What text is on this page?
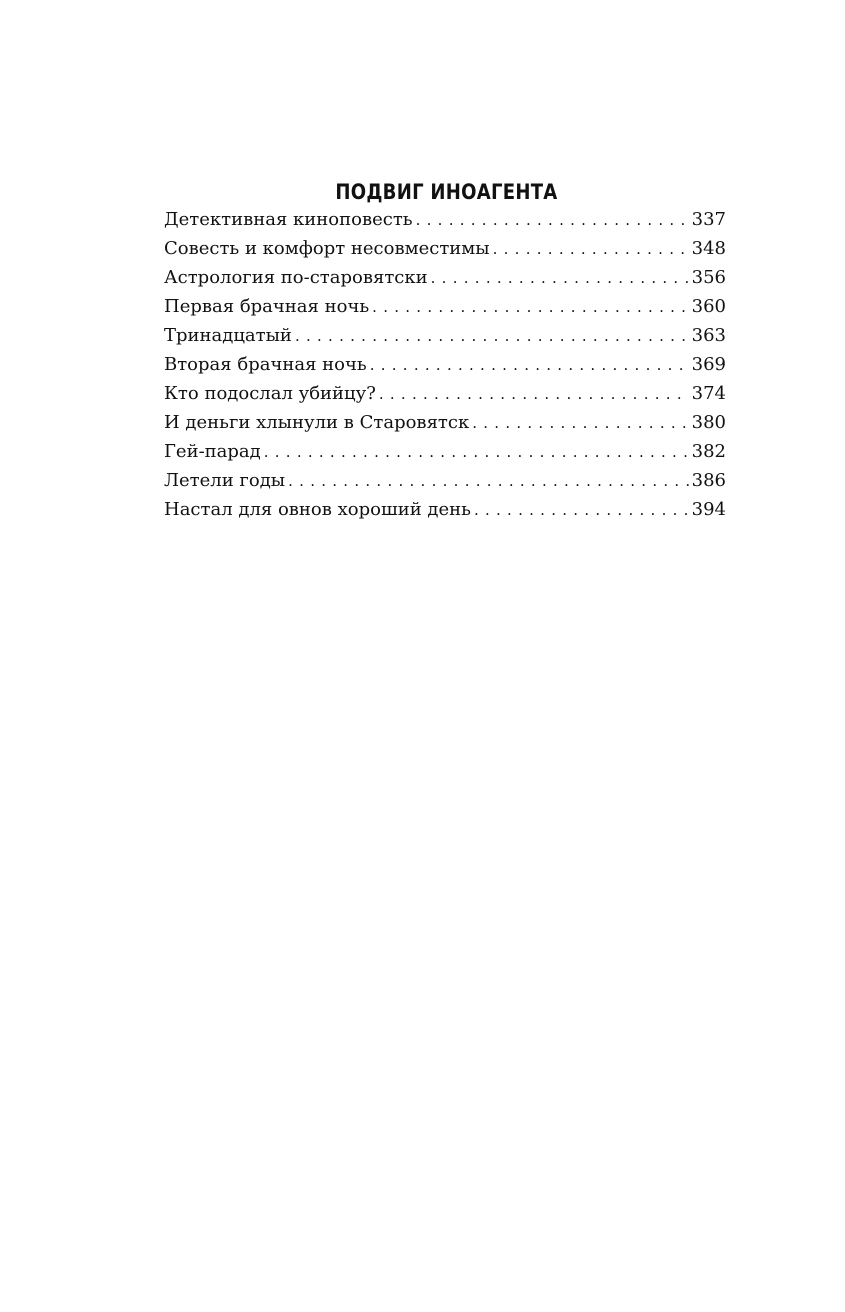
ПОДВИГ ИНОАГЕНТА
Детективная киноповесть . . .	337
Совесть и комфорт несовместимы . . .	348
Астрология по-старовятски . . .	356
Первая брачная ночь . . .	360
Тринадцатый . . .	363
Вторая брачная ночь . . .	369
Кто подослал убийцу? . . .	374
И деньги хлынули в Старовятск . . .	380
Гей-парад . . .	382
Летели годы . . .	386
Настал для овнов хороший день . . .	394
